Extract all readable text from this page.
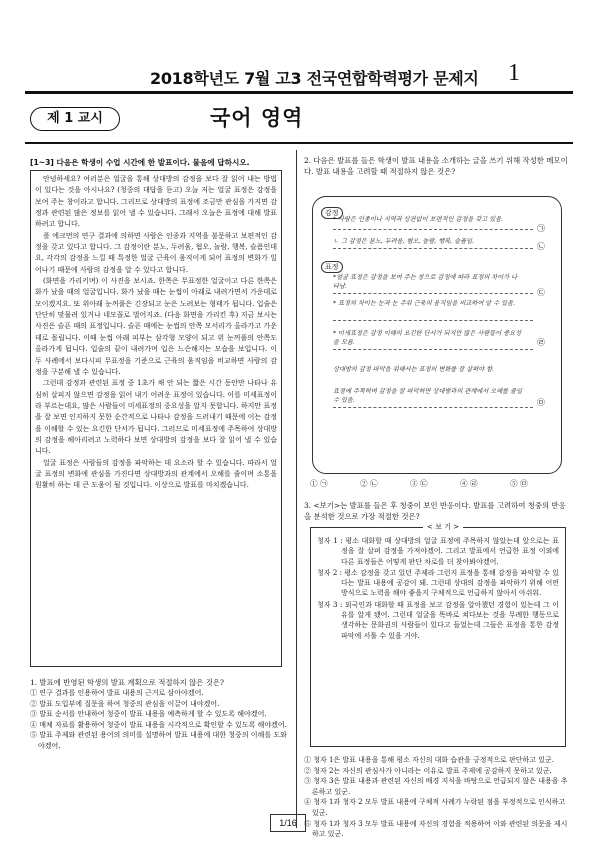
2018학년도 7월 고3 전국연합학력평가 문제지 1
제 1 교시	국어 영역
[1~3] 다음은 학생이 수업 시간에 한 발표이다. 물음에 답하시오.

안녕하세요? 여러분은 얼굴을 통해 상대방의 감정을 보다 잘 읽어 내는 방법이 있다는 것을 아시나요? (청중의 대답을 듣고) 오늘 저는 얼굴 표정은 감정을 보여 주는 창이라고 합니다. 그리므로 상대방의 표정에 조금만 관심을 가지면 감정과 관련된 많은 정보를 읽어 낼 수 있습니다. 그래서 오늘은 표정에 대해 발표하려고 합니다.

폴 에크먼의 연구 결과에 의하면 사람은 인종과 지역을 불문하고 보편적인 감정을 갖고 있다고 합니다. 그 감정이란 분노, 두려움, 혐오, 놀람, 행복, 슬픔인데요, 각각의 감정을 느낄 때 특정한 얼굴 근육이 움직이게 되어 표정의 변화가 일어나기 때문에 사람의 감정을 알 수 있다고 합니다.

(화면을 가리키며) 이 사진을 보시죠. 한쪽은 무표정한 얼굴이고 다른 한쪽은 화가 났을 때의 얼굴입니다. 화가 났을 때는 눈썹이 아래로 내려가면서 가운데로 모이겠지요. 또 위아래 눈꺼풀은 긴장되고 눈은 노려보는 형태가 됩니다. 입술은 단단히 맞물려 있거나 네모꼴로 벌어지죠. (다음 화면을 가리킨 후) 지금 보시는 사진은 슬픈 때의 표정입니다. 슬픈 때에는 눈썹의 안쪽 모서리가 올라가고 가운데로 몰립니다. 이때 눈썹 아래 피부는 삼각형 모양이 되고 위 눈꺼풀의 안쪽도 올라가게 됩니다. 입술의 끝이 내려가며 입은 느슨해지는 모습을 보입니다. 이 두 사례에서 보다시피 무표정을 기준으로 근육의 움직임을 비교하면 사람의 감정을 구분해 낼 수 있습니다.

그런데 감정과 관련된 표정 중 1초가 채 안 되는 짧은 시간 동안만 나타나 유심히 살피지 않으면 감정을 읽어 내기 어려운 표정이 있습니다. 이를 미세표정이라 부르는데요, 많은 사람들이 미세표정의 중요성을 알지 못합니다. 하지만 표정을 잘 보면 인지하지 못한 순간적으로 나타나 감정을 드러내기 때문에 이는 감정을 이해할 수 있는 요긴한 단서가 됩니다. 그러므로 미세표정에 주목하여 상대방의 감정을 헤아리려고 노력하다 보면 상대방의 감정을 보다 잘 읽어 낼 수 있습니다.

얼굴 표정은 사람들의 감정을 파악하는 데 요소라 할 수 있습니다. 따라서 얼굴 표정의 변화에 관심을 가진다면 상대방과의 관계에서 오해를 줄이며 소통을 원활히 하는 데 큰 도움이 될 것입니다. 이상으로 발표를 마치겠습니다.

1. 발표에 반영된 학생의 발표 계획으로 적절하지 않은 것은?
① 연구 결과를 인용하여 발표 내용의 근거로 삼아야겠어.
② 발표 도입부에 질문을 하여 청중의 관심을 이끌어 내야겠어.
③ 발표 순서를 안내하여 청중이 발표 내용을 예측하게 할 수 있도록 해야겠어.
④ 매체 자료를 활용하여 청중이 발표 내용을 시각적으로 확인할 수 있도록 해야겠어.
⑤ 발표 주제와 관련된 용어의 의미를 설명하여 발표 내용에 대한 청중의 이해를 도와야겠어.
2. 다음은 발표를 들은 학생이 발표 내용을 소개하는 글을 쓰기 위해 작성한 메모이다. 발표 내용을 고려할 때 적절하지 않은 것은?
감정
* 사람은 인종이나 지역과 상관없이 보편적인 감정을 갖고 있음.
ㄴ 그 감정은 분노, 두려움, 혐오, 놀람, 행복, 슬픔임.
㉠
㉡
표정
*얼굴 표정은 감정을 보여 주는 창으로 감정에 따라 표정의 차이가 나타남.
* 표정의 차이는 눈과 눈 주위 근육의 움직임을 비교하여 알 수 있음.
* 미세표정은 감정 이해의 요긴한 단서가 되지만 많은 사람들이 중요성을 모름.
㉢
㉣
상대방의 감정 파악을 위해서는 표정의 변화를 잘 살펴야 함.
표정에 주목하며 감정을 잘 파악하면 상대방과의 관계에서 오해를 줄일 수 있음.	㉤
① ㉠	② ㉡	③ ㉢	④ ㉣	⑤ ㉤
3. <보기>는 발표를 들은 후 청중이 보인 반응이다. 발표를 고려하여 청중의 반응을 분석한 것으로 가장 적절한 것은?
< 보 기 >

청자 1 : 평소 대화할 때 상대방의 얼굴 표정에 주목하지 않았는데 앞으로는 표정을 잘 살펴 감정을 가져야겠어. 그리고 발표에서 언급한 표정 이외에 다른 표정들은 어떻게 판단 차로를 더 찾아봐야겠어.

청자 2 : 평소 감정을 갖고 있던 주제라 그런지 표정을 통해 감정을 파악할 수 있다는 발표 내용에 공감이 돼. 그런데 상대의 감정을 파악하기 위해 어떤 방식으로 노력을 해야 좋을지 구체적으로 언급하지 않아서 아쉬워.

청자 3 : 외국인과 대화할 때 표정을 보고 감정을 알아챘던 경험이 있는데 그 이유를 알게 됐어. 그런데 얼굴을 똑바로 쳐다보는 것을 무례한 행동으로 생각하는 문화권의 사람들이 있다고 들었는데 그들은 표정을 통한 감정 파악에 서툴 수 있을 거야.

① 청자 1은 발표 내용을 통해 평소 자신의 대화 습관을 긍정적으로 판단하고 있군.
② 청자 2는 자신의 관심사가 아니라는 이유로 발표 주제에 공감하지 못하고 있군.
③ 청자 3은 발표 내용과 관련된 자신의 배경 지식을 바탕으로 언급되지 않은 내용을 추론하고 있군.
④ 청자 1과 청자 2 모두 발표 내용에 구체적 사례가 누락된 점을 부정적으로 인식하고 있군.
⑤ 청자 1과 청자 3 모두 발표 내용에 자신의 경험을 적용하여 이와 관련된 의문을 제시하고 있군.
1/16
